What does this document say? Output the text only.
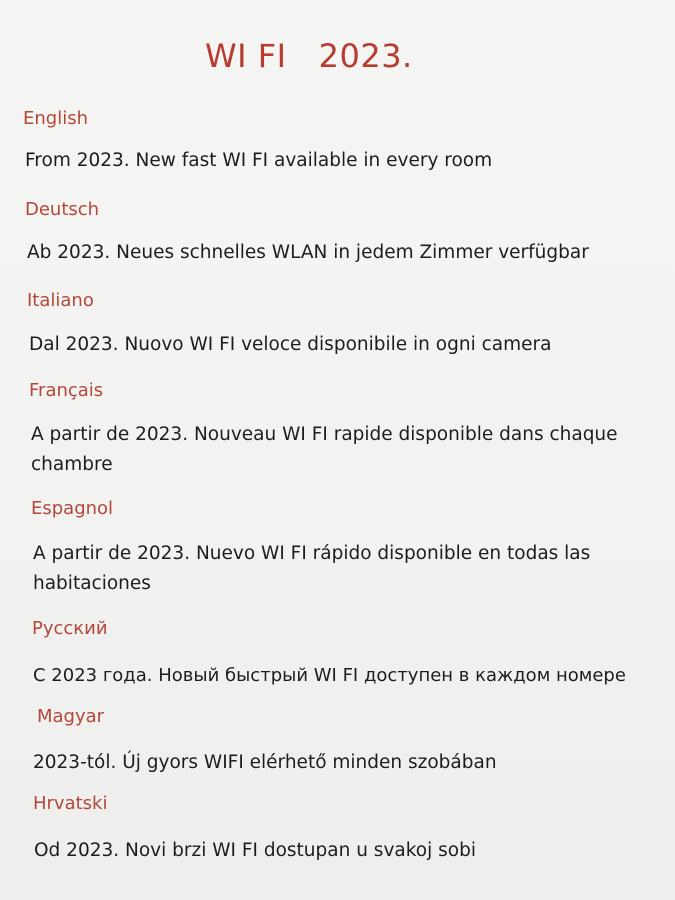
WI FI   2023.
English
From 2023. New fast WI FI available in every room
Deutsch
Ab 2023. Neues schnelles WLAN in jedem Zimmer verfügbar
Italiano
Dal 2023. Nuovo WI FI veloce disponibile in ogni camera
Français
A partir de 2023. Nouveau WI FI rapide disponible dans chaque chambre
Espagnol
A partir de 2023. Nuevo WI FI rápido disponible en todas las habitaciones
Русский
С 2023 года. Новый быстрый WI FI доступен в каждом номере
Magyar
2023-tól. Új gyors WIFI elérhető minden szobában
Hrvatski
Od 2023. Novi brzi WI FI dostupan u svakoj sobi
